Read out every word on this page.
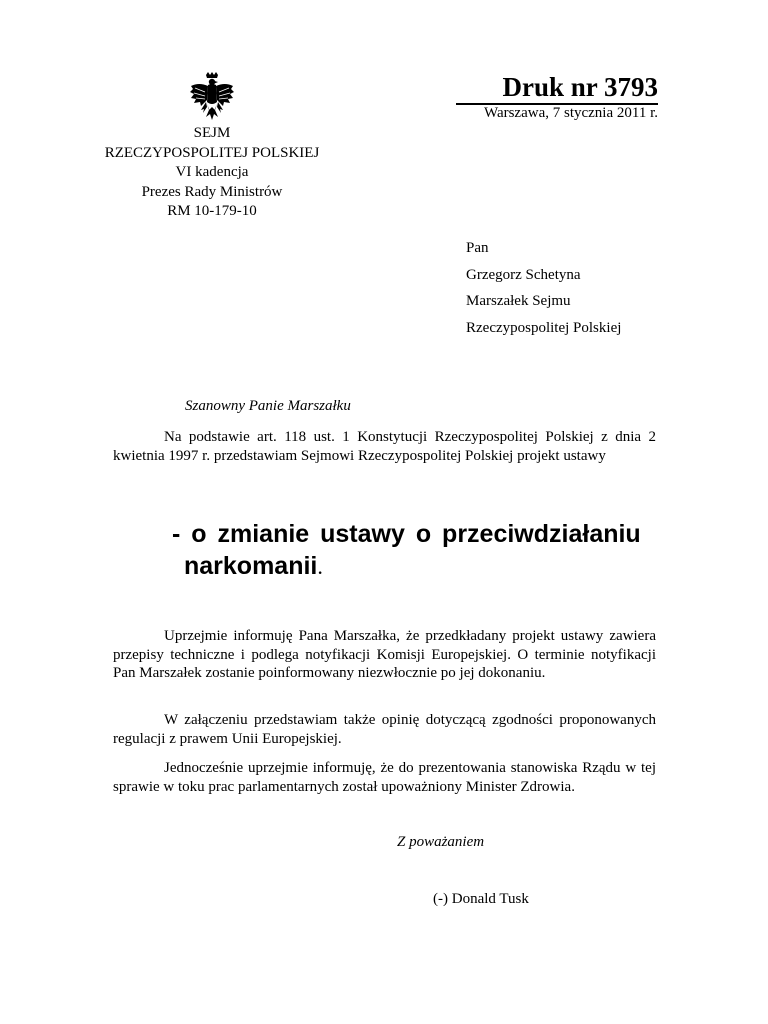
SEJM
RZECZYPOSPOLITEJ POLSKIEJ
VI kadencja
Prezes Rady Ministrów
RM 10-179-10
Druk nr 3793
Warszawa, 7 stycznia 2011 r.
Pan
Grzegorz Schetyna
Marszałek Sejmu
Rzeczypospolitej Polskiej
Szanowny Panie Marszałku
Na podstawie art. 118 ust. 1 Konstytucji Rzeczypospolitej Polskiej z dnia 2 kwietnia 1997 r. przedstawiam Sejmowi Rzeczypospolitej Polskiej projekt ustawy
- o zmianie ustawy o przeciwdziałaniu
narkomanii.
Uprzejmie informuję Pana Marszałka, że przedkładany projekt ustawy zawiera przepisy techniczne i podlega notyfikacji Komisji Europejskiej. O terminie notyfikacji Pan Marszałek zostanie poinformowany niezwłocznie po jej dokonaniu.
W załączeniu przedstawiam także opinię dotyczącą zgodności proponowanych regulacji z prawem Unii Europejskiej.
Jednocześnie uprzejmie informuję, że do prezentowania stanowiska Rządu w tej sprawie w toku prac parlamentarnych został upoważniony Minister Zdrowia.
Z poważaniem
(-) Donald Tusk
